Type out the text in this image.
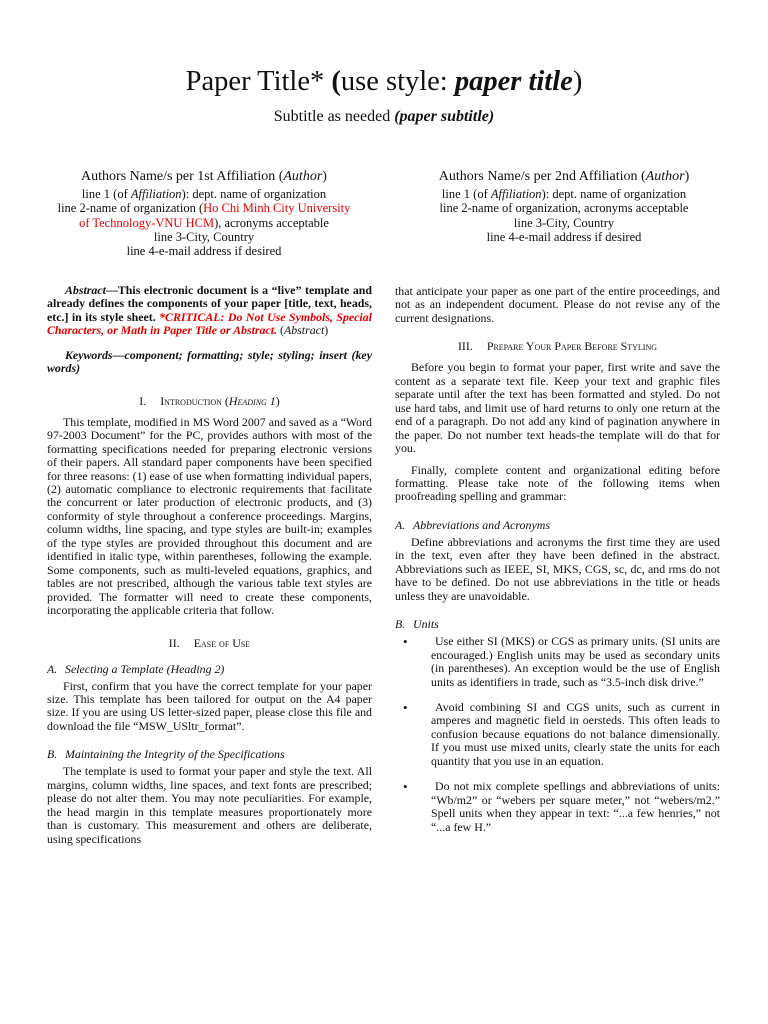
Paper Title* (use style: paper title)
Subtitle as needed (paper subtitle)
Authors Name/s per 1st Affiliation (Author)
line 1 (of Affiliation): dept. name of organization
line 2-name of organization (Ho Chi Minh City University
of Technology-VNU HCM), acronyms acceptable
line 3-City, Country
line 4-e-mail address if desired
Authors Name/s per 2nd Affiliation (Author)
line 1 (of Affiliation): dept. name of organization
line 2-name of organization, acronyms acceptable
line 3-City, Country
line 4-e-mail address if desired

Abstract—This electronic document is a “live” template and already defines the components of your paper [title, text, heads, etc.] in its style sheet. *CRITICAL: Do Not Use Symbols, Special Characters, or Math in Paper Title or Abstract. (Abstract)

Keywords—component; formatting; style; styling; insert (key words)

I. Introduction (Heading 1)

This template, modified in MS Word 2007 and saved as a “Word 97-2003 Document” for the PC, provides authors with most of the formatting specifications needed for preparing electronic versions of their papers. All standard paper components have been specified for three reasons: (1) ease of use when formatting individual papers, (2) automatic compliance to electronic requirements that facilitate the concurrent or later production of electronic products, and (3) conformity of style throughout a conference proceedings. Margins, column widths, line spacing, and type styles are built-in; examples of the type styles are provided throughout this document and are identified in italic type, within parentheses, following the example. Some components, such as multi-leveled equations, graphics, and tables are not prescribed, although the various table text styles are provided. The formatter will need to create these components, incorporating the applicable criteria that follow.

II. Ease of Use
A. Selecting a Template (Heading 2)

First, confirm that you have the correct template for your paper size. This template has been tailored for output on the A4 paper size. If you are using US letter-sized paper, please close this file and download the file “MSW_USltr_format”.

B. Maintaining the Integrity of the Specifications

The template is used to format your paper and style the text. All margins, column widths, line spaces, and text fonts are prescribed; please do not alter them. You may note peculiarities. For example, the head margin in this template measures proportionately more than is customary. This measurement and others are deliberate, using specifications

that anticipate your paper as one part of the entire proceedings, and not as an independent document. Please do not revise any of the current designations.

III. Prepare Your Paper Before Styling

Before you begin to format your paper, first write and save the content as a separate text file. Keep your text and graphic files separate until after the text has been formatted and styled. Do not use hard tabs, and limit use of hard returns to only one return at the end of a paragraph. Do not add any kind of pagination anywhere in the paper. Do not number text heads-the template will do that for you.

Finally, complete content and organizational editing before formatting. Please take note of the following items when proofreading spelling and grammar:

A. Abbreviations and Acronyms

Define abbreviations and acronyms the first time they are used in the text, even after they have been defined in the abstract. Abbreviations such as IEEE, SI, MKS, CGS, sc, dc, and rms do not have to be defined. Do not use abbreviations in the title or heads unless they are unavoidable.

B. Units
• Use either SI (MKS) or CGS as primary units. (SI units are encouraged.) English units may be used as secondary units (in parentheses). An exception would be the use of English units as identifiers in trade, such as “3.5-inch disk drive.”
• Avoid combining SI and CGS units, such as current in amperes and magnetic field in oersteds. This often leads to confusion because equations do not balance dimensionally. If you must use mixed units, clearly state the units for each quantity that you use in an equation.
• Do not mix complete spellings and abbreviations of units: “Wb/m2” or “webers per square meter,” not “webers/m2.” Spell units when they appear in text: “...a few henries,” not “...a few H.”
